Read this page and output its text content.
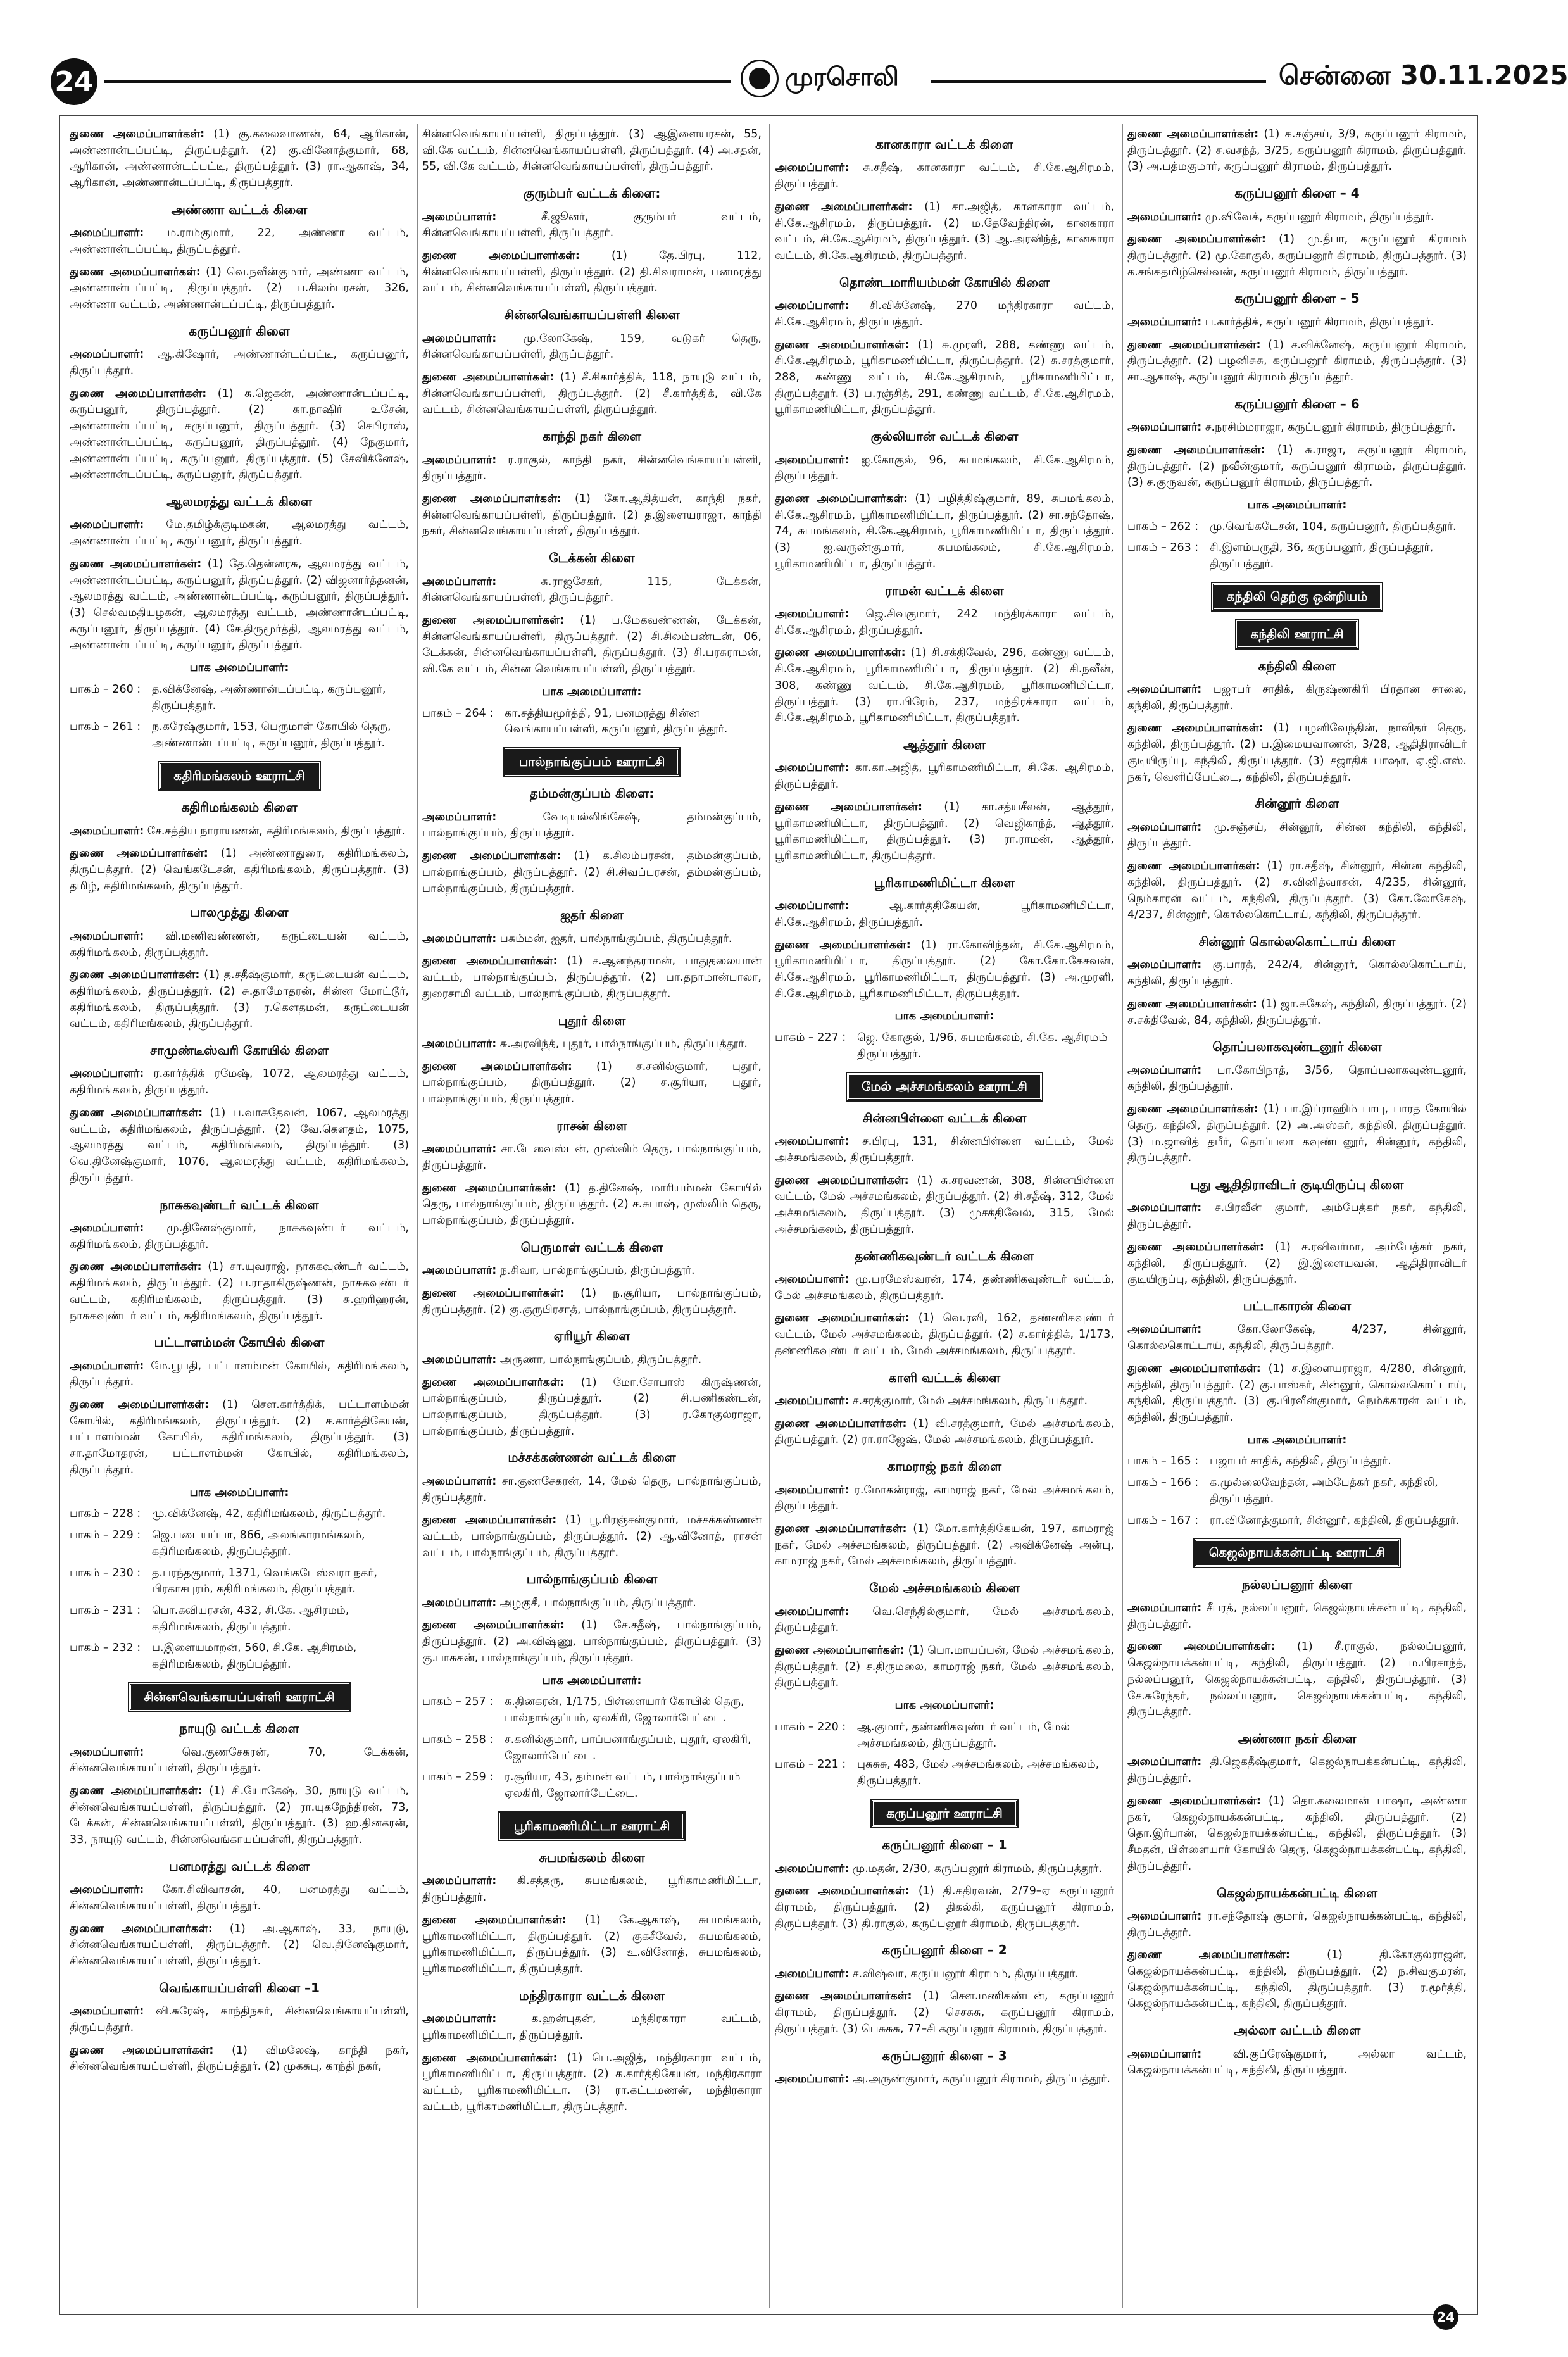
24	முரசொலி	சென்னை 30.11.2025

துணை அமைப்பாளர்கள்: (1) சூ.கலைவாணன், 64, ஆரிகான், அண்ணான்டப்பட்டி, திருப்பத்தூர். (2) கு.வினோத்குமார், 68, ஆரிகான், அண்ணான்டப்பட்டி, திருப்பத்தூர். (3) ரா.ஆகாஷ், 34, ஆரிகான், அண்ணான்டப்பட்டி, திருப்பத்தூர்.

அண்ணா வட்டக் கிளை

அமைப்பாளர்: ம.ராம்குமார், 22, அண்ணா வட்டம், அண்ணான்டப்பட்டி, திருப்பத்தூர்.

துணை அமைப்பாளர்கள்: (1) வெ.நவீன்குமார், அண்ணா வட்டம், அண்ணான்டப்பட்டி, திருப்பத்தூர். (2) ப.சிலம்பரசன், 326, அண்ணா வட்டம், அண்ணான்டப்பட்டி, திருப்பத்தூர்.

கருப்பனூர் கிளை

அமைப்பாளர்: ஆ.கிஷோர், அண்ணான்டப்பட்டி, கருப்பனூர், திருப்பத்தூர்.

துணை அமைப்பாளர்கள்: (1) சு.ஜெகன், அண்ணான்டப்பட்டி, கருப்பனூர், திருப்பத்தூர். (2) கா.நாஷிர் உசேன், அண்ணான்டப்பட்டி, கருப்பனூர், திருப்பத்தூர். (3) செபிராஸ், அண்ணான்டப்பட்டி, கருப்பனூர், திருப்பத்தூர். (4) நேகுமார், அண்ணான்டப்பட்டி, கருப்பனூர், திருப்பத்தூர். (5) சேவிக்னேஷ், அண்ணான்டப்பட்டி, கருப்பனூர், திருப்பத்தூர்.

ஆலமரத்து வட்டக் கிளை

அமைப்பாளர்: மே.தமிழ்க்குடிமகன், ஆலமரத்து வட்டம், அண்ணான்டப்பட்டி, கருப்பனூர், திருப்பத்தூர்.

துணை அமைப்பாளர்கள்: (1) தே.தென்னரசு, ஆலமரத்து வட்டம், அண்ணான்டப்பட்டி, கருப்பனூர், திருப்பத்தூர். (2) விஜனார்த்தனன், ஆலமரத்து வட்டம், அண்ணான்டப்பட்டி, கருப்பனூர், திருப்பத்தூர். (3) செல்வமதியழகன், ஆலமரத்து வட்டம், அண்ணான்டப்பட்டி, கருப்பனூர், திருப்பத்தூர். (4) சே.திருமூர்த்தி, ஆலமரத்து வட்டம், அண்ணான்டப்பட்டி, கருப்பனூர், திருப்பத்தூர்.

பாக அமைப்பாளர்:
பாகம் – 260 :	த.விக்னேஷ், அண்ணான்டப்பட்டி, கருப்பனூர், திருப்பத்தூர்.
பாகம் – 261 :	ந.கரேஷ்குமார், 153, பெருமாள் கோயில் தெரு, அண்ணான்டப்பட்டி, கருப்பனூர், திருப்பத்தூர்.
கதிரிமங்கலம் ஊராட்சி
கதிரிமங்கலம் கிளை

அமைப்பாளர்: சே.சத்திய நாராயணன், கதிரிமங்கலம், திருப்பத்தூர்.

துணை அமைப்பாளர்கள்: (1) அண்ணாதுரை, கதிரிமங்கலம், திருப்பத்தூர். (2) வெங்கடேசன், கதிரிமங்கலம், திருப்பத்தூர். (3) தமிழ், கதிரிமங்கலம், திருப்பத்தூர்.

பாலமுத்து கிளை

அமைப்பாளர்: வி.மணிவண்ணன், கருட்டையன் வட்டம், கதிரிமங்கலம், திருப்பத்தூர்.

துணை அமைப்பாளர்கள்: (1) த.சதீஷ்குமார், கருட்டையன் வட்டம், கதிரிமங்கலம், திருப்பத்தூர். (2) சு.தாமோதரன், சின்ன மோட்டூர், கதிரிமங்கலம், திருப்பத்தூர். (3) ர.கௌதமன், கருட்டையன் வட்டம், கதிரிமங்கலம், திருப்பத்தூர்.

சாமுண்டீஸ்வரி கோயில் கிளை

அமைப்பாளர்: ர.கார்த்திக் ரமேஷ், 1072, ஆலமரத்து வட்டம், கதிரிமங்கலம், திருப்பத்தூர்.

துணை அமைப்பாளர்கள்: (1) ப.வாசுதேவன், 1067, ஆலமரத்து வட்டம், கதிரிமங்கலம், திருப்பத்தூர். (2) வே.கௌதம், 1075, ஆலமரத்து வட்டம், கதிரிமங்கலம், திருப்பத்தூர். (3) வெ.தினேஷ்குமார், 1076, ஆலமரத்து வட்டம், கதிரிமங்கலம், திருப்பத்தூர்.

நாசுகவுண்டர் வட்டக் கிளை

அமைப்பாளர்: மு.தினேஷ்குமார், நாசுகவுண்டர் வட்டம், கதிரிமங்கலம், திருப்பத்தூர்.

துணை அமைப்பாளர்கள்: (1) சா.யுவராஜ், நாசுகவுண்டர் வட்டம், கதிரிமங்கலம், திருப்பத்தூர். (2) ப.ராதாகிருஷ்ணன், நாசுகவுண்டர் வட்டம், கதிரிமங்கலம், திருப்பத்தூர். (3) சு.ஹரிஹரன், நாசுகவுண்டர் வட்டம், கதிரிமங்கலம், திருப்பத்தூர்.

பட்டாளம்மன் கோயில் கிளை

அமைப்பாளர்: மே.பூபதி, பட்டாளம்மன் கோயில், கதிரிமங்கலம், திருப்பத்தூர்.

துணை அமைப்பாளர்கள்: (1) சௌ.கார்த்திக், பட்டாளம்மன் கோயில், கதிரிமங்கலம், திருப்பத்தூர். (2) ச.கார்த்திகேயன், பட்டாளம்மன் கோயில், கதிரிமங்கலம், திருப்பத்தூர். (3) சா.தாமோதரன், பட்டாளம்மன் கோயில், கதிரிமங்கலம், திருப்பத்தூர்.

பாக அமைப்பாளர்:
பாகம் – 228 :	மு.விக்னேஷ், 42, கதிரிமங்கலம், திருப்பத்தூர்.
பாகம் – 229 :	ஜெ.படையப்பா, 866, அலங்காரமங்கலம், கதிரிமங்கலம், திருப்பத்தூர்.
பாகம் – 230 :	த.பரந்தகுமார், 1371, வெங்கடேஸ்வரா நகர், பிரகாசபுரம், கதிரிமங்கலம், திருப்பத்தூர்.
பாகம் – 231 :	பொ.கவியரசன், 432, சி.கே. ஆசிரமம், கதிரிமங்கலம், திருப்பத்தூர்.
பாகம் – 232 :	ப.இளையமாறன், 560, சி.கே. ஆசிரமம், கதிரிமங்கலம், திருப்பத்தூர்.
சின்னவெங்காயப்பள்ளி ஊராட்சி
நாயுடு வட்டக் கிளை

அமைப்பாளர்: வெ.குணசேகரன், 70, டேக்கன், சின்னவெங்காயப்பள்ளி, திருப்பத்தூர்.

துணை அமைப்பாளர்கள்: (1) சி.யோகேஷ், 30, நாயுடு வட்டம், சின்னவெங்காயப்பள்ளி, திருப்பத்தூர். (2) ரா.யுகநேந்திரன், 73, டேக்கன், சின்னவெங்காயப்பள்ளி, திருப்பத்தூர். (3) ஹ.தினகரன், 33, நாயுடு வட்டம், சின்னவெங்காயப்பள்ளி, திருப்பத்தூர்.

பனமரத்து வட்டக் கிளை

அமைப்பாளர்: கோ.சிவிவாசன், 40, பனமரத்து வட்டம், சின்னவெங்காயப்பள்ளி, திருப்பத்தூர்.

துணை அமைப்பாளர்கள்: (1) அ.ஆகாஷ், 33, நாயுடு, சின்னவெங்காயப்பள்ளி, திருப்பத்தூர். (2) வெ.தினேஷ்குமார், சின்னவெங்காயப்பள்ளி, திருப்பத்தூர்.

வெங்காயப்பள்ளி கிளை –1

அமைப்பாளர்: வி.சுரேஷ், காந்திநகர், சின்னவெங்காயப்பள்ளி, திருப்பத்தூர்.

துணை அமைப்பாளர்கள்: (1) விமலேஷ், காந்தி நகர், சின்னவெங்காயப்பள்ளி, திருப்பத்தூர். (2) முகசுபு, காந்தி நகர்,

சின்னவெங்காயப்பள்ளி, திருப்பத்தூர். (3) ஆஇளையரசன், 55, வி.கே வட்டம், சின்னவெங்காயப்பள்ளி, திருப்பத்தூர். (4) அ.சதன், 55, வி.கே வட்டம், சின்னவெங்காயப்பள்ளி, திருப்பத்தூர்.

குரும்பர் வட்டக் கிளை:

அமைப்பாளர்: சீ.ஜூனர், குரும்பர் வட்டம், சின்னவெங்காயப்பள்ளி, திருப்பத்தூர்.

துணை அமைப்பாளர்கள்: (1) தே.பிரபு, 112, சின்னவெங்காயப்பள்ளி, திருப்பத்தூர். (2) தி.சிவராமன், பனமரத்து வட்டம், சின்னவெங்காயப்பள்ளி, திருப்பத்தூர்.

சின்னவெங்காயப்பள்ளி கிளை

அமைப்பாளர்: மு.லோகேஷ், 159, வடுகர் தெரு, சின்னவெங்காயப்பள்ளி, திருப்பத்தூர்.

துணை அமைப்பாளர்கள்: (1) சீ.சிகார்த்திக், 118, நாயுடு வட்டம், சின்னவெங்காயப்பள்ளி, திருப்பத்தூர். (2) சீ.கார்த்திக், வி.கே வட்டம், சின்னவெங்காயப்பள்ளி, திருப்பத்தூர்.

காந்தி நகர் கிளை

அமைப்பாளர்: ர.ராகுல், காந்தி நகர், சின்னவெங்காயப்பள்ளி, திருப்பத்தூர்.

துணை அமைப்பாளர்கள்: (1) கோ.ஆதித்யன், காந்தி நகர், சின்னவெங்காயப்பள்ளி, திருப்பத்தூர். (2) த.இளையராஜா, காந்தி நகர், சின்னவெங்காயப்பள்ளி, திருப்பத்தூர்.

டேக்கன் கிளை

அமைப்பாளர்: சு.ராஜசேகர், 115, டேக்கன், சின்னவெங்காயப்பள்ளி, திருப்பத்தூர்.

துணை அமைப்பாளர்கள்: (1) ப.மேகவண்ணன், டேக்கன், சின்னவெங்காயப்பள்ளி, திருப்பத்தூர். (2) சி.சிலம்பண்டன், 06, டேக்கன், சின்னவெங்காயப்பள்ளி, திருப்பத்தூர். (3) சி.பரசுராமன், வி.கே வட்டம், சின்ன வெங்காயப்பள்ளி, திருப்பத்தூர்.

பாக அமைப்பாளர்:
பாகம் – 264 :	கா.சத்தியமூர்த்தி, 91, பனமரத்து சின்ன வெங்காயப்பள்ளி, கருப்பனூர், திருப்பத்தூர்.
பால்நாங்குப்பம் ஊராட்சி
தம்மன்குப்பம் கிளை:

அமைப்பாளர்: வேடியல்லிங்கேஷ், தம்மன்குப்பம், பால்நாங்குப்பம், திருப்பத்தூர்.

துணை அமைப்பாளர்கள்: (1) க.சிலம்பரசன், தம்மன்குப்பம், பால்நாங்குப்பம், திருப்பத்தூர். (2) சி.சிவப்பரசன், தம்மன்குப்பம், பால்நாங்குப்பம், திருப்பத்தூர்.

ஐதர் கிளை

அமைப்பாளர்: பசும்மன், ஐதர், பால்நாங்குப்பம், திருப்பத்தூர்.

துணை அமைப்பாளர்கள்: (1) ச.ஆனந்தராமன், பாதுதலையான் வட்டம், பால்நாங்குப்பம், திருப்பத்தூர். (2) பா.தநாமான்பாலா, துரைசாமி வட்டம், பால்நாங்குப்பம், திருப்பத்தூர்.

புதூர் கிளை

அமைப்பாளர்: சு.அரவிந்த், புதூர், பால்நாங்குப்பம், திருப்பத்தூர்.

துணை அமைப்பாளர்கள்: (1) ச.சனில்குமார், புதூர், பால்நாங்குப்பம், திருப்பத்தூர். (2) ச.சூரியா, புதூர், பால்நாங்குப்பம், திருப்பத்தூர்.

ராசன் கிளை

அமைப்பாளர்: சா.டேவைஸ்டன், முஸ்லிம் தெரு, பால்நாங்குப்பம், திருப்பத்தூர்.

துணை அமைப்பாளர்கள்: (1) த.தினேஷ், மாரியம்மன் கோயில் தெரு, பால்நாங்குப்பம், திருப்பத்தூர். (2) ச.சுபாஷ், முஸ்லிம் தெரு, பால்நாங்குப்பம், திருப்பத்தூர்.

பெருமாள் வட்டக் கிளை

அமைப்பாளர்: ந.சிவா, பால்நாங்குப்பம், திருப்பத்தூர்.

துணை அமைப்பாளர்கள்: (1) ந.சூரியா, பால்நாங்குப்பம், திருப்பத்தூர். (2) கு.குருபிரசாத், பால்நாங்குப்பம், திருப்பத்தூர்.

ஏரியூர் கிளை

அமைப்பாளர்: அருணா, பால்நாங்குப்பம், திருப்பத்தூர்.

துணை அமைப்பாளர்கள்: (1) மோ.சோபாஸ் கிருஷ்ணன், பால்நாங்குப்பம், திருப்பத்தூர். (2) சி.பணிகண்டன், பால்நாங்குப்பம், திருப்பத்தூர். (3) ர.கோகுல்ராஜா, பால்நாங்குப்பம், திருப்பத்தூர்.

மச்சக்கண்ணன் வட்டக் கிளை

அமைப்பாளர்: சா.குணசேகரன், 14, மேல் தெரு, பால்நாங்குப்பம், திருப்பத்தூர்.

துணை அமைப்பாளர்கள்: (1) பூ.ரிரஞ்சன்குமார், மச்சக்கண்ணன் வட்டம், பால்நாங்குப்பம், திருப்பத்தூர். (2) ஆ.வினோத், ராசன் வட்டம், பால்நாங்குப்பம், திருப்பத்தூர்.

பால்நாங்குப்பம் கிளை

அமைப்பாளர்: அழகுசீ, பால்நாங்குப்பம், திருப்பத்தூர்.

துணை அமைப்பாளர்கள்: (1) சே.சதீஷ், பால்நாங்குப்பம், திருப்பத்தூர். (2) அ.விஷ்ணு, பால்நாங்குப்பம், திருப்பத்தூர். (3) கு.பாசுகன், பால்நாங்குப்பம், திருப்பத்தூர்.

பாக அமைப்பாளர்:
பாகம் – 257 :	க.தினகரன், 1/175, பிள்ளையார் கோயில் தெரு, பால்நாங்குப்பம், ஏலகிரி, ஜோலார்பேட்டை.
பாகம் – 258 :	ச.கனில்குமார், பாப்பனாங்குப்பம், புதூர், ஏலகிரி, ஜோலார்பேட்டை.
பாகம் – 259 :	ர.சூரியா, 43, தம்மன் வட்டம், பால்நாங்குப்பம் ஏலகிரி, ஜோலார்பேட்டை.
பூரிகாமணிமிட்டா ஊராட்சி
சுபமங்கலம் கிளை

அமைப்பாளர்: கி.சத்தரு, சுபமங்கலம், பூரிகாமணிமிட்டா, திருப்பத்தூர்.

துணை அமைப்பாளர்கள்: (1) கே.ஆகாஷ், சுபமங்கலம், பூரிகாமணிமிட்டா, திருப்பத்தூர். (2) குகசீவேல், சுபமங்கலம், பூரிகாமணிமிட்டா, திருப்பத்தூர். (3) உ.வினோத், சுபமங்கலம், பூரிகாமணிமிட்டா, திருப்பத்தூர்.

மந்திரகாரா வட்டக் கிளை

அமைப்பாளர்: க.ஹன்புதன், மந்திரகாரா வட்டம், பூரிகாமணிமிட்டா, திருப்பத்தூர்.

துணை அமைப்பாளர்கள்: (1) பெ.அஜித், மந்திரகாரா வட்டம், பூரிகாமணிமிட்டா, திருப்பத்தூர். (2) க.கார்த்திகேயன், மந்திரகாரா வட்டம், பூரிகாமணிமிட்டா. (3) ரா.கட்டமணன், மந்திரகாரா வட்டம், பூரிகாமணிமிட்டா, திருப்பத்தூர்.

கானகாரா வட்டக் கிளை

அமைப்பாளர்: சு.சதீஷ், கானகாரா வட்டம், சி.கே.ஆசிரமம், திருப்பத்தூர்.

துணை அமைப்பாளர்கள்: (1) சா.அஜித், கானகாரா வட்டம், சி.கே.ஆசிரமம், திருப்பத்தூர். (2) ம.தேவேந்திரன், கானகாரா வட்டம், சி.கே.ஆசிரமம், திருப்பத்தூர். (3) ஆ.அரவிந்த், கானகாரா வட்டம், சி.கே.ஆசிரமம், திருப்பத்தூர்.

தொண்டமாரியம்மன் கோயில் கிளை

அமைப்பாளர்: சி.விக்னேஷ், 270 மந்திரகாரா வட்டம், சி.கே.ஆசிரமம், திருப்பத்தூர்.

துணை அமைப்பாளர்கள்: (1) சு.முரளி, 288, கண்ணு வட்டம், சி.கே.ஆசிரமம், பூரிகாமணிமிட்டா, திருப்பத்தூர். (2) சு.சரத்குமார், 288, கண்ணு வட்டம், சி.கே.ஆசிரமம், பூரிகாமணிமிட்டா, திருப்பத்தூர். (3) ப.ரஞ்சித், 291, கண்ணு வட்டம், சி.கே.ஆசிரமம், பூரிகாமணிமிட்டா, திருப்பத்தூர்.

குல்லியான் வட்டக் கிளை

அமைப்பாளர்: ஐ.கோகுல், 96, சுபமங்கலம், சி.கே.ஆசிரமம், திருப்பத்தூர்.

துணை அமைப்பாளர்கள்: (1) பழித்திஷ்குமார், 89, சுபமங்கலம், சி.கே.ஆசிரமம், பூரிகாமணிமிட்டா, திருப்பத்தூர். (2) சா.சந்தோஷ், 74, சுபமங்கலம், சி.கே.ஆசிரமம், பூரிகாமணிமிட்டா, திருப்பத்தூர். (3) ஐ.வருண்குமார், சுபமங்கலம், சி.கே.ஆசிரமம், பூரிகாமணிமிட்டா, திருப்பத்தூர்.

ராமன் வட்டக் கிளை

அமைப்பாளர்: ஜெ.சிவகுமார், 242 மந்திரக்காரா வட்டம், சி.கே.ஆசிரமம், திருப்பத்தூர்.

துணை அமைப்பாளர்கள்: (1) சி.சக்திவேல், 296, கண்ணு வட்டம், சி.கே.ஆசிரமம், பூரிகாமணிமிட்டா, திருப்பத்தூர். (2) கி.நவீன், 308, கண்ணு வட்டம், சி.கே.ஆசிரமம், பூரிகாமணிமிட்டா, திருப்பத்தூர். (3) ரா.பிரேம், 237, மந்திரக்காரா வட்டம், சி.கே.ஆசிரமம், பூரிகாமணிமிட்டா, திருப்பத்தூர்.

ஆத்தூர் கிளை

அமைப்பாளர்: கா.கா.அஜித், பூரிகாமணிமிட்டா, சி.கே. ஆசிரமம், திருப்பத்தூர்.

துணை அமைப்பாளர்கள்: (1) கா.சத்யசீலன், ஆத்தூர், பூரிகாமணிமிட்டா, திருப்பத்தூர். (2) வெஜிகாந்த், ஆத்தூர், பூரிகாமணிமிட்டா, திருப்பத்தூர். (3) ரா.ராமன், ஆத்தூர், பூரிகாமணிமிட்டா, திருப்பத்தூர்.

பூரிகாமணிமிட்டா கிளை

அமைப்பாளர்: ஆ.கார்த்திகேயன், பூரிகாமணிமிட்டா, சி.கே.ஆசிரமம், திருப்பத்தூர்.

துணை அமைப்பாளர்கள்: (1) ரா.கோவிந்தன், சி.கே.ஆசிரமம், பூரிகாமணிமிட்டா, திருப்பத்தூர். (2) கோ.கோ.கேசவன், சி.கே.ஆசிரமம், பூரிகாமணிமிட்டா, திருப்பத்தூர். (3) அ.முரளி, சி.கே.ஆசிரமம், பூரிகாமணிமிட்டா, திருப்பத்தூர்.

பாக அமைப்பாளர்:
பாகம் – 227 :	ஜெ. கோகுல், 1/96, சுபமங்கலம், சி.கே. ஆசிரமம் திருப்பத்தூர்.
மேல் அச்சமங்கலம் ஊராட்சி
சின்னபிள்ளை வட்டக் கிளை

அமைப்பாளர்: ச.பிரபு, 131, சின்னபிள்ளை வட்டம், மேல் அச்சமங்கலம், திருப்பத்தூர்.

துணை அமைப்பாளர்கள்: (1) சு.சரவணன், 308, சின்னபிள்ளை வட்டம், மேல் அச்சமங்கலம், திருப்பத்தூர். (2) சி.சதீஷ், 312, மேல் அச்சமங்கலம், திருப்பத்தூர். (3) முசக்திவேல், 315, மேல் அச்சமங்கலம், திருப்பத்தூர்.

தண்ணிகவுண்டர் வட்டக் கிளை

அமைப்பாளர்: மு.பரமேஸ்வரன், 174, தண்ணிகவுண்டர் வட்டம், மேல் அச்சமங்கலம், திருப்பத்தூர்.

துணை அமைப்பாளர்கள்: (1) வெ.ரவி, 162, தண்ணிகவுண்டர் வட்டம், மேல் அச்சமங்கலம், திருப்பத்தூர். (2) ச.கார்த்திக், 1/173, தண்ணிகவுண்டர் வட்டம், மேல் அச்சமங்கலம், திருப்பத்தூர்.

காளி வட்டக் கிளை

அமைப்பாளர்: ச.சரத்குமார், மேல் அச்சமங்கலம், திருப்பத்தூர்.

துணை அமைப்பாளர்கள்: (1) வி.சரத்குமார், மேல் அச்சமங்கலம், திருப்பத்தூர். (2) ரா.ராஜேஷ், மேல் அச்சமங்கலம், திருப்பத்தூர்.

காமராஜ் நகர் கிளை

அமைப்பாளர்: ர.மோகன்ராஜ், காமராஜ் நகர், மேல் அச்சமங்கலம், திருப்பத்தூர்.

துணை அமைப்பாளர்கள்: (1) மோ.கார்த்திகேயன், 197, காமராஜ் நகர், மேல் அச்சமங்கலம், திருப்பத்தூர். (2) அவிக்னேஷ் அன்பு, காமராஜ் நகர், மேல் அச்சமங்கலம், திருப்பத்தூர்.

மேல் அச்சமங்கலம் கிளை

அமைப்பாளர்: வெ.செந்தில்குமார், மேல் அச்சமங்கலம், திருப்பத்தூர்.

துணை அமைப்பாளர்கள்: (1) பொ.மாயப்பன், மேல் அச்சமங்கலம், திருப்பத்தூர். (2) ச.திருமலை, காமராஜ் நகர், மேல் அச்சமங்கலம், திருப்பத்தூர்.

பாக அமைப்பாளர்:
பாகம் – 220 :	ஆ.குமார், தண்ணிகவுண்டர் வட்டம், மேல் அச்சமங்கலம், திருப்பத்தூர்.
பாகம் – 221 :	புசுசுசு, 483, மேல் அச்சமங்கலம், அச்சமங்கலம், திருப்பத்தூர்.
கருப்பனூர் ஊராட்சி
கருப்பனூர் கிளை – 1

அமைப்பாளர்: மு.மதன், 2/30, கருப்பனூர் கிராமம், திருப்பத்தூர்.

துணை அமைப்பாளர்கள்: (1) தி.கதிரவன், 2/79–ஏ கருப்பனூர் கிராமம், திருப்பத்தூர். (2) திகல்கி, கருப்பனூர் கிராமம், திருப்பத்தூர். (3) தி.ராகுல், கருப்பனூர் கிராமம், திருப்பத்தூர்.

கருப்பனூர் கிளை – 2

அமைப்பாளர்: ச.விஷ்வா, கருப்பனூர் கிராமம், திருப்பத்தூர்.

துணை அமைப்பாளர்கள்: (1) சௌ.மணிகண்டன், கருப்பனூர் கிராமம், திருப்பத்தூர். (2) செசசுசு, கருப்பனூர் கிராமம், திருப்பத்தூர். (3) பெசுசுசு, 77–சி கருப்பனூர் கிராமம், திருப்பத்தூர்.

கருப்பனூர் கிளை – 3

அமைப்பாளர்: அ.அருண்குமார், கருப்பனூர் கிராமம், திருப்பத்தூர்.

துணை அமைப்பாளர்கள்: (1) க.சஞ்சய், 3/9, கருப்பனூர் கிராமம், திருப்பத்தூர். (2) ச.வசந்த், 3/25, கருப்பனூர் கிராமம், திருப்பத்தூர். (3) அ.பத்மகுமார், கருப்பனூர் கிராமம், திருப்பத்தூர்.

கருப்பனூர் கிளை – 4

அமைப்பாளர்: மு.விவேக், கருப்பனூர் கிராமம், திருப்பத்தூர்.

துணை அமைப்பாளர்கள்: (1) மு.தீபா, கருப்பனூர் கிராமம் திருப்பத்தூர். (2) மூ.கோகுல், கருப்பனூர் கிராமம், திருப்பத்தூர். (3) க.சங்கதமிழ்செல்வன், கருப்பனூர் கிராமம், திருப்பத்தூர்.

கருப்பனூர் கிளை – 5

அமைப்பாளர்: ப.கார்த்திக், கருப்பனூர் கிராமம், திருப்பத்தூர்.

துணை அமைப்பாளர்கள்: (1) ச.விக்னேஷ், கருப்பனூர் கிராமம், திருப்பத்தூர். (2) பழனிசுசு, கருப்பனூர் கிராமம், திருப்பத்தூர். (3) சா.ஆகாஷ், கருப்பனூர் கிராமம் திருப்பத்தூர்.

கருப்பனூர் கிளை – 6

அமைப்பாளர்: ச.நரசிம்மராஜா, கருப்பனூர் கிராமம், திருப்பத்தூர்.

துணை அமைப்பாளர்கள்: (1) சு.ராஜா, கருப்பனூர் கிராமம், திருப்பத்தூர். (2) நவீன்குமார், கருப்பனூர் கிராமம், திருப்பத்தூர். (3) ச.குருவன், கருப்பனூர் கிராமம், திருப்பத்தூர்.

பாக அமைப்பாளர்:
பாகம் – 262 :	மு.வெங்கடேசன், 104, கருப்பனூர், திருப்பத்தூர்.
பாகம் – 263 :	சி.இளம்பருதி, 36, கருப்பனூர், திருப்பத்தூர், திருப்பத்தூர்.
கந்திலி தெற்கு ஒன்றியம்
கந்திலி ஊராட்சி
கந்திலி கிளை

அமைப்பாளர்: பஜாபர் சாதிக், கிருஷ்ணகிரி பிரதான சாலை, கந்திலி, திருப்பத்தூர்.

துணை அமைப்பாளர்கள்: (1) பழனிவேந்தின், நாவிதர் தெரு, கந்திலி, திருப்பத்தூர். (2) ப.இமையவாணன், 3/28, ஆதிதிராவிடர் குடியிருப்பு, கந்திலி, திருப்பத்தூர். (3) சஜாதிக் பாஷா, ஏ.ஜி.எஸ். நகர், வெளிப்பேட்டை, கந்திலி, திருப்பத்தூர்.

சின்னூர் கிளை

அமைப்பாளர்: மு.சஞ்சய், சின்னூர், சின்ன கந்திலி, கந்திலி, திருப்பத்தூர்.

துணை அமைப்பாளர்கள்: (1) ரா.சதீஷ், சின்னூர், சின்ன கந்திலி, கந்திலி, திருப்பத்தூர். (2) ச.வினித்வாசன், 4/235, சின்னூர், நெம்காரன் வட்டம், கந்திலி, திருப்பத்தூர். (3) கோ.லோகேஷ், 4/237, சின்னூர், கொல்லகொட்டாய், கந்திலி, திருப்பத்தூர்.

சின்னூர் கொல்லகொட்டாய் கிளை

அமைப்பாளர்: கு.பாரத், 242/4, சின்னூர், கொல்லகொட்டாய், கந்திலி, திருப்பத்தூர்.

துணை அமைப்பாளர்கள்: (1) ஜா.சுகேஷ், கந்திலி, திருப்பத்தூர். (2) ச.சக்திவேல், 84, கந்திலி, திருப்பத்தூர்.

தொப்பலாகவுண்டனூர் கிளை

அமைப்பாளர்: பா.கோபிநாத், 3/56, தொப்பலாகவுண்டனூர், கந்திலி, திருப்பத்தூர்.

துணை அமைப்பாளர்கள்: (1) பா.இப்ராஹிம் பாபு, பாரத கோயில் தெரு, கந்திலி, திருப்பத்தூர். (2) அ.அஸ்கர், கந்திலி, திருப்பத்தூர். (3) ம.ஜாவித் தபீர், தொப்பலா கவுண்டனூர், சின்னூர், கந்திலி, திருப்பத்தூர்.

புது ஆதிதிராவிடர் குடியிருப்பு கிளை

அமைப்பாளர்: ச.பிரவீன் குமார், அம்பேத்கர் நகர், கந்திலி, திருப்பத்தூர்.

துணை அமைப்பாளர்கள்: (1) ச.ரவிவர்மா, அம்பேத்கர் நகர், கந்திலி, திருப்பத்தூர். (2) இ.இளையவன், ஆதிதிராவிடர் குடியிருப்பு, கந்திலி, திருப்பத்தூர்.

பட்டாகாரன் கிளை

அமைப்பாளர்: கோ.லோகேஷ், 4/237, சின்னூர், கொல்லகொட்டாய், கந்திலி, திருப்பத்தூர்.

துணை அமைப்பாளர்கள்: (1) ச.இளையராஜா, 4/280, சின்னூர், கந்திலி, திருப்பத்தூர். (2) கு.பாஸ்கர், சின்னூர், கொல்லகொட்டாய், கந்திலி, திருப்பத்தூர். (3) கு.பிரவீன்குமார், நெம்க்காரன் வட்டம், கந்திலி, திருப்பத்தூர்.

பாக அமைப்பாளர்:
பாகம் – 165 :	பஜாபர் சாதிக், கந்திலி, திருப்பத்தூர்.
பாகம் – 166 :	க.முல்லைவேந்தன், அம்பேத்கர் நகர், கந்திலி, திருப்பத்தூர்.
பாகம் – 167 :	ரா.வினோத்குமார், சின்னூர், கந்திலி, திருப்பத்தூர்.
கெஜல்நாயக்கன்பட்டி ஊராட்சி
நல்லப்பனூர் கிளை

அமைப்பாளர்: சீபரத், நல்லப்பனூர், கெஜல்நாயக்கன்பட்டி, கந்திலி, திருப்பத்தூர்.

துணை அமைப்பாளர்கள்: (1) சீ.ராகுல், நல்லப்பனூர், கெஜல்நாயக்கன்பட்டி, கந்திலி, திருப்பத்தூர். (2) ம.பிரசாந்த், நல்லப்பனூர், கெஜல்நாயக்கன்பட்டி, கந்திலி, திருப்பத்தூர். (3) சே.சுரேந்தர், நல்லப்பனூர், கெஜல்நாயக்கன்பட்டி, கந்திலி, திருப்பத்தூர்.

அண்ணா நகர் கிளை

அமைப்பாளர்: தி.ஜெகதீஷ்குமார், கெஜல்நாயக்கன்பட்டி, கந்திலி, திருப்பத்தூர்.

துணை அமைப்பாளர்கள்: (1) தொ.கலைமான் பாஷா, அண்ணா நகர், கெஜல்நாயக்கன்பட்டி, கந்திலி, திருப்பத்தூர். (2) தொ.இர்பான், கெஜல்நாயக்கன்பட்டி, கந்திலி, திருப்பத்தூர். (3) சீமதன், பிள்ளையார் கோயில் தெரு, கெஜல்நாயக்கன்பட்டி, கந்திலி, திருப்பத்தூர்.

கெஜல்நாயக்கன்பட்டி கிளை

அமைப்பாளர்: ரா.சந்தோஷ் குமார், கெஜல்நாயக்கன்பட்டி, கந்திலி, திருப்பத்தூர்.

துணை அமைப்பாளர்கள்: (1) தி.கோகுல்ராஜன், கெஜல்நாயக்கன்பட்டி, கந்திலி, திருப்பத்தூர். (2) ந.சிவகுமரன், கெஜல்நாயக்கன்பட்டி, கந்திலி, திருப்பத்தூர். (3) ர.மூர்த்தி, கெஜல்நாயக்கன்பட்டி, கந்திலி, திருப்பத்தூர்.

அல்லா வட்டம் கிளை

அமைப்பாளர்: வி.குப்ரேஷ்குமார், அல்லா வட்டம், கெஜல்நாயக்கன்பட்டி, கந்திலி, திருப்பத்தூர்.

24
